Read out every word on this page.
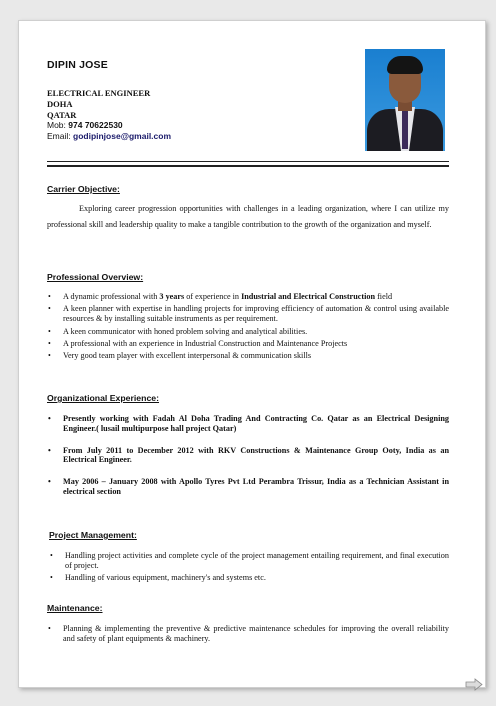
DIPIN JOSE
ELECTRICAL ENGINEER
DOHA
QATAR
Mob: 974 70622530
Email: godipinjose@gmail.com
Carrier Objective:

Exploring career progression opportunities with challenges in a leading organization, where I can utilize my professional skill and leadership quality to make a tangible contribution to the growth of the organization and myself.

Professional Overview:
• A dynamic professional with 3 years of experience in Industrial and Electrical Construction field
• A keen planner with expertise in handling projects for improving efficiency of automation & control using available resources & by installing suitable instruments as per requirement.
• A keen communicator with honed problem solving and analytical abilities.
• A professional with an experience in Industrial Construction and Maintenance Projects
• Very good team player with excellent interpersonal & communication skills
Organizational Experience:
• Presently working with Fadah Al Doha Trading And Contracting Co. Qatar as an Electrical Designing Engineer.( lusail multipurpose hall project Qatar)
• From July 2011 to December 2012 with RKV Constructions & Maintenance Group Ooty, India as an Electrical Engineer.
• May 2006 – January 2008 with Apollo Tyres Pvt Ltd Perambra Trissur, India as a Technician Assistant in electrical section
Project Management:
• Handling project activities and complete cycle of the project management entailing requirement, and final execution of project.
• Handling of various equipment, machinery's and systems etc.
Maintenance:
• Planning & implementing the preventive & predictive maintenance schedules for improving the overall reliability and safety of plant equipments & machinery.
